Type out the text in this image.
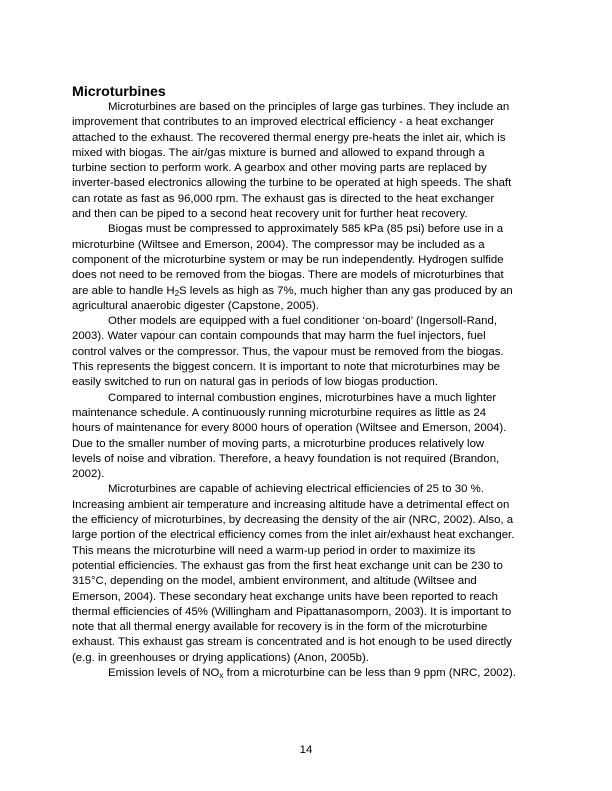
Microturbines
Microturbines are based on the principles of large gas turbines. They include an
improvement that contributes to an improved electrical efficiency - a heat exchanger
attached to the exhaust. The recovered thermal energy pre-heats the inlet air, which is
mixed with biogas. The air/gas mixture is burned and allowed to expand through a
turbine section to perform work. A gearbox and other moving parts are replaced by
inverter-based electronics allowing the turbine to be operated at high speeds. The shaft
can rotate as fast as 96,000 rpm. The exhaust gas is directed to the heat exchanger
and then can be piped to a second heat recovery unit for further heat recovery.
Biogas must be compressed to approximately 585 kPa (85 psi) before use in a
microturbine (Wiltsee and Emerson, 2004). The compressor may be included as a
component of the microturbine system or may be run independently. Hydrogen sulfide
does not need to be removed from the biogas. There are models of microturbines that
are able to handle $H_2S$ levels as high as 7%, much higher than any gas produced by an
agricultural anaerobic digester (Capstone, 2005).
Other models are equipped with a fuel conditioner ‘on-board’ (Ingersoll-Rand,
2003). Water vapour can contain compounds that may harm the fuel injectors, fuel
control valves or the compressor. Thus, the vapour must be removed from the biogas.
This represents the biggest concern. It is important to note that microturbines may be
easily switched to run on natural gas in periods of low biogas production.
Compared to internal combustion engines, microturbines have a much lighter
maintenance schedule. A continuously running microturbine requires as little as 24
hours of maintenance for every 8000 hours of operation (Wiltsee and Emerson, 2004).
Due to the smaller number of moving parts, a microturbine produces relatively low
levels of noise and vibration. Therefore, a heavy foundation is not required (Brandon,
2002).
Microturbines are capable of achieving electrical efficiencies of 25 to 30 %.
Increasing ambient air temperature and increasing altitude have a detrimental effect on
the efficiency of microturbines, by decreasing the density of the air (NRC, 2002). Also, a
large portion of the electrical efficiency comes from the inlet air/exhaust heat exchanger.
This means the microturbine will need a warm-up period in order to maximize its
potential efficiencies. The exhaust gas from the first heat exchange unit can be 230 to
315°C, depending on the model, ambient environment, and altitude (Wiltsee and
Emerson, 2004). These secondary heat exchange units have been reported to reach
thermal efficiencies of 45% (Willingham and Pipattanasomporn, 2003). It is important to
note that all thermal energy available for recovery is in the form of the microturbine
exhaust. This exhaust gas stream is concentrated and is hot enough to be used directly
(e.g. in greenhouses or drying applications) (Anon, 2005b).
Emission levels of $NO_x$ from a microturbine can be less than 9 ppm (NRC, 2002).
14
